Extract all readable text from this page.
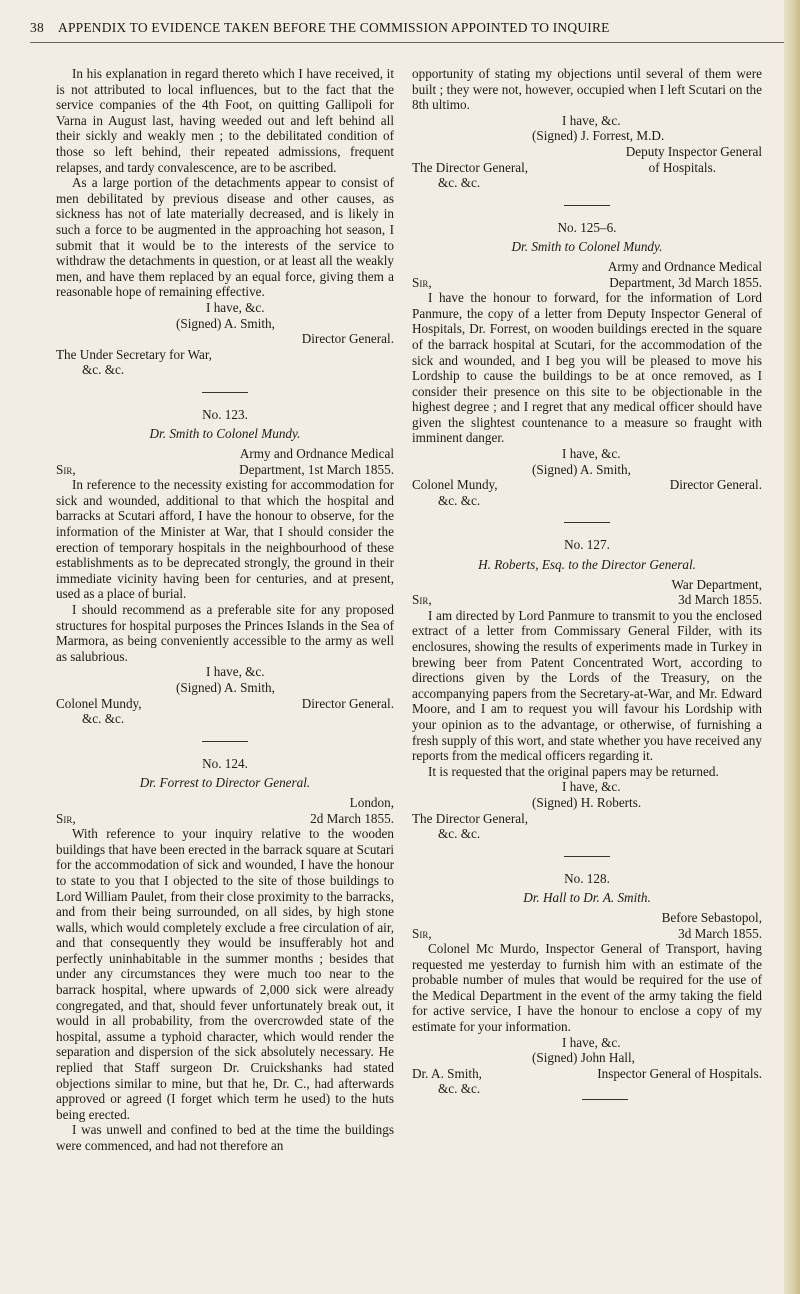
38 APPENDIX TO EVIDENCE TAKEN BEFORE THE COMMISSION APPOINTED TO INQUIRE

In his explanation in regard thereto which I have received, it is not attributed to local influences, but to the fact that the service companies of the 4th Foot, on quitting Gallipoli for Varna in August last, having weeded out and left behind all their sickly and weakly men ; to the debilitated condition of those so left behind, their repeated admissions, frequent relapses, and tardy convalescence, are to be ascribed.

As a large portion of the detachments appear to consist of men debilitated by previous disease and other causes, as sickness has not of late materially decreased, and is likely in such a force to be augmented in the approaching hot season, I submit that it would be to the interests of the service to withdraw the detachments in question, or at least all the weakly men, and have them replaced by an equal force, giving them a reasonable hope of remaining effective.

I have, &c.
(Signed) A. Smith,
Director General.
The Under Secretary for War,
&c. &c.
No. 123.
Dr. Smith to Colonel Mundy.
Army and Ordnance Medical
Sir,	Department, 1st March 1855.

In reference to the necessity existing for accommodation for sick and wounded, additional to that which the hospital and barracks at Scutari afford, I have the honour to observe, for the information of the Minister at War, that I should consider the erection of temporary hospitals in the neighbourhood of these establishments as to be deprecated strongly, the ground in their immediate vicinity having been for centuries, and at present, used as a place of burial.

I should recommend as a preferable site for any proposed structures for hospital purposes the Princes Islands in the Sea of Marmora, as being conveniently accessible to the army as well as salubrious.

I have, &c.
(Signed) A. Smith,
Colonel Mundy,	Director General.
&c. &c.
No. 124.
Dr. Forrest to Director General.
London,
Sir,	2d March 1855.

With reference to your inquiry relative to the wooden buildings that have been erected in the barrack square at Scutari for the accommodation of sick and wounded, I have the honour to state to you that I objected to the site of those buildings to Lord William Paulet, from their close proximity to the barracks, and from their being surrounded, on all sides, by high stone walls, which would completely exclude a free circulation of air, and that consequently they would be insufferably hot and perfectly uninhabitable in the summer months ; besides that under any circumstances they were much too near to the barrack hospital, where upwards of 2,000 sick were already congregated, and that, should fever unfortunately break out, it would in all probability, from the overcrowded state of the hospital, assume a typhoid character, which would render the separation and dispersion of the sick absolutely necessary. He replied that Staff surgeon Dr. Cruickshanks had stated objections similar to mine, but that he, Dr. C., had afterwards approved or agreed (I forget which term he used) to the huts being erected.

I was unwell and confined to bed at the time the buildings were commenced, and had not therefore an

opportunity of stating my objections until several of them were built ; they were not, however, occupied when I left Scutari on the 8th ultimo.

I have, &c.
(Signed) J. Forrest, M.D.
Deputy Inspector General
The Director General,	of Hospitals.
&c. &c.
No. 125–6.
Dr. Smith to Colonel Mundy.
Army and Ordnance Medical
Sir,	Department, 3d March 1855.

I have the honour to forward, for the information of Lord Panmure, the copy of a letter from Deputy Inspector General of Hospitals, Dr. Forrest, on wooden buildings erected in the square of the barrack hospital at Scutari, for the accommodation of the sick and wounded, and I beg you will be pleased to move his Lordship to cause the buildings to be at once removed, as I consider their presence on this site to be objectionable in the highest degree ; and I regret that any medical officer should have given the slightest countenance to a measure so fraught with imminent danger.

I have, &c.
(Signed) A. Smith,
Colonel Mundy,	Director General.
&c. &c.
No. 127.
H. Roberts, Esq. to the Director General.
War Department,
Sir,	3d March 1855.

I am directed by Lord Panmure to transmit to you the enclosed extract of a letter from Commissary General Filder, with its enclosures, showing the results of experiments made in Turkey in brewing beer from Patent Concentrated Wort, according to directions given by the Lords of the Treasury, on the accompanying papers from the Secretary-at-War, and Mr. Edward Moore, and I am to request you will favour his Lordship with your opinion as to the advantage, or otherwise, of furnishing a fresh supply of this wort, and state whether you have received any reports from the medical officers regarding it.

It is requested that the original papers may be returned.

I have, &c.
(Signed) H. Roberts.
The Director General,
&c. &c.
No. 128.
Dr. Hall to Dr. A. Smith.
Before Sebastopol,
Sir,	3d March 1855.

Colonel Mc Murdo, Inspector General of Transport, having requested me yesterday to furnish him with an estimate of the probable number of mules that would be required for the use of the Medical Department in the event of the army taking the field for active service, I have the honour to enclose a copy of my estimate for your information.

I have, &c.
(Signed) John Hall,
Dr. A. Smith,	Inspector General of Hospitals.
&c. &c.
